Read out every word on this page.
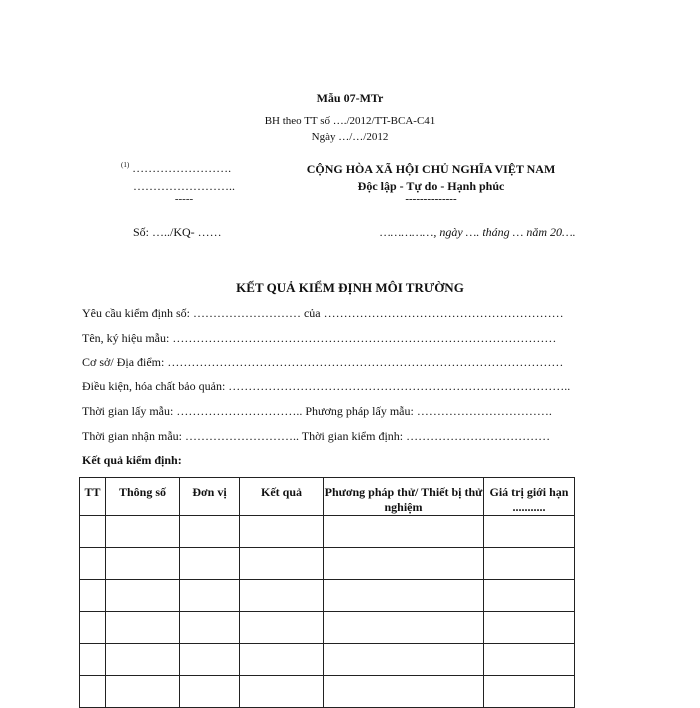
Mẫu 07-MTr
BH theo TT số …./2012/TT-BCA-C41
Ngày …/…/2012
$^{(1)}$ …………………….
……………………..
-----
Số: …../KQ- ……
CỘNG HÒA XÃ HỘI CHỦ NGHĨA VIỆT NAM
Độc lập - Tự do - Hạnh phúc
--------------
……………, ngày …. tháng … năm 20….
KẾT QUẢ KIỂM ĐỊNH MÔI TRƯỜNG
Yêu cầu kiểm định số: ……………………… của ……………………………………………………
Tên, ký hiệu mẫu: ……………………………………………………………………………………
Cơ sở/ Địa điểm: ………………………………………………………………………………………
Điều kiện, hóa chất bảo quản: …………………………………………………………………………..
Thời gian lấy mẫu: ………………………….. Phương pháp lấy mẫu: …………………………….
Thời gian nhận mẫu: ……………………….. Thời gian kiểm định: ………………………………
Kết quả kiểm định:
TT	Thông số	Đơn vị	Kết quả	Phương pháp thử/ Thiết bị thử nghiệm	Giá trị giới hạn
...........
